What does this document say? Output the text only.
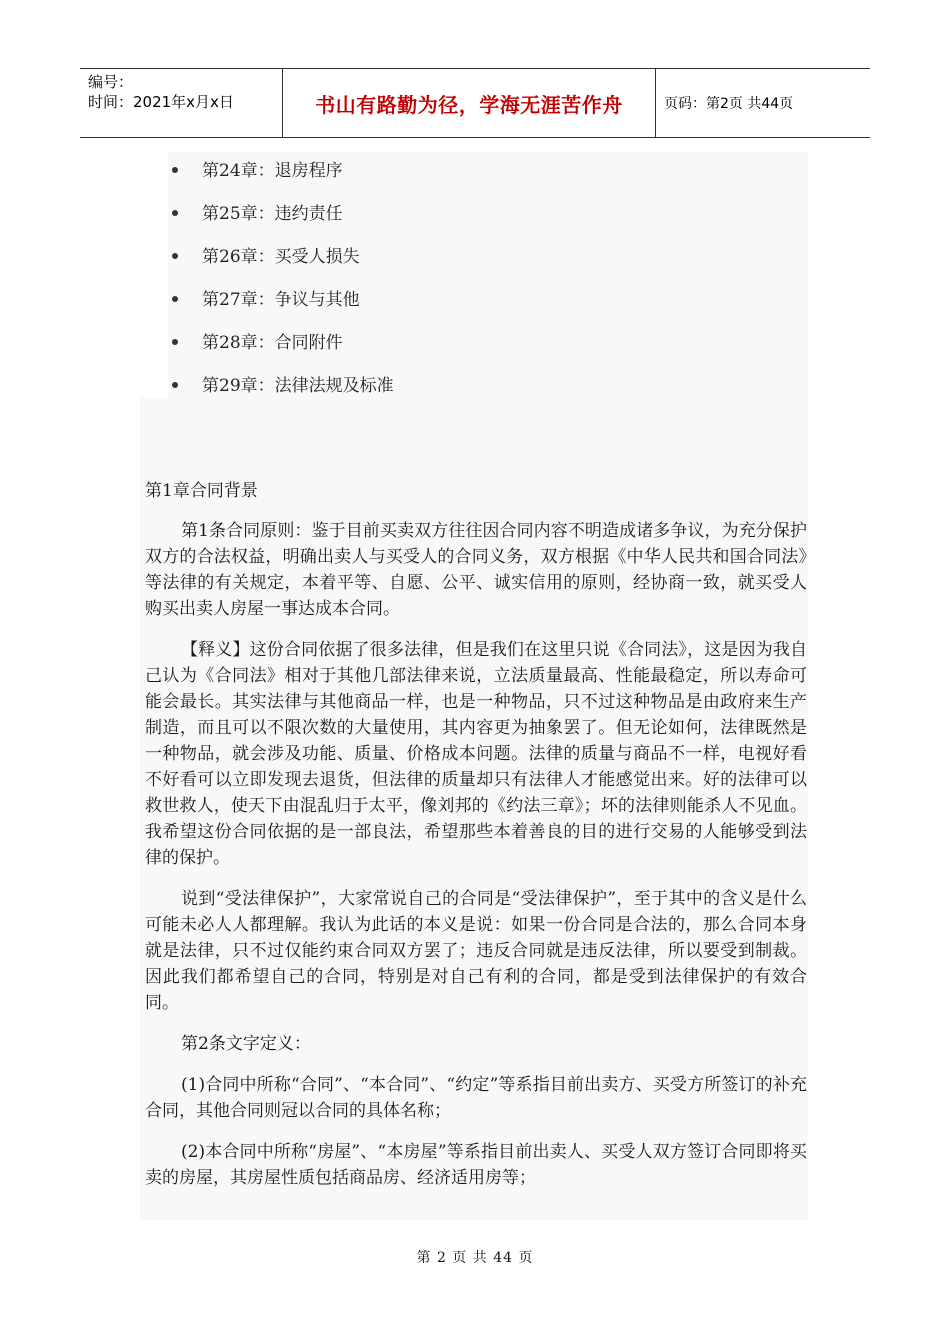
编号：
时间：2021年x月x日	书山有路勤为径，学海无涯苦作舟	页码：第2页 共44页
第24章：退房程序
第25章：违约责任
第26章：买受人损失
第27章：争议与其他
第28章：合同附件
第29章：法律法规及标准

第1章合同背景

第1条合同原则：鉴于目前买卖双方往往因合同内容不明造成诸多争议，为充分保护双方的合法权益，明确出卖人与买受人的合同义务，双方根据《中华人民共和国合同法》等法律的有关规定，本着平等、自愿、公平、诚实信用的原则，经协商一致，就买受人购买出卖人房屋一事达成本合同。

【释义】这份合同依据了很多法律，但是我们在这里只说《合同法》，这是因为我自己认为《合同法》相对于其他几部法律来说，立法质量最高、性能最稳定，所以寿命可能会最长。其实法律与其他商品一样，也是一种物品，只不过这种物品是由政府来生产制造，而且可以不限次数的大量使用，其内容更为抽象罢了。但无论如何，法律既然是一种物品，就会涉及功能、质量、价格成本问题。法律的质量与商品不一样，电视好看不好看可以立即发现去退货，但法律的质量却只有法律人才能感觉出来。好的法律可以救世救人，使天下由混乱归于太平，像刘邦的《约法三章》；坏的法律则能杀人不见血。我希望这份合同依据的是一部良法，希望那些本着善良的目的进行交易的人能够受到法律的保护。

说到“受法律保护”，大家常说自己的合同是“受法律保护”，至于其中的含义是什么可能未必人人都理解。我认为此话的本义是说：如果一份合同是合法的，那么合同本身就是法律，只不过仅能约束合同双方罢了；违反合同就是违反法律，所以要受到制裁。因此我们都希望自己的合同，特别是对自己有利的合同，都是受到法律保护的有效合同。

第2条文字定义：

(1)合同中所称“合同”、“本合同”、“约定”等系指目前出卖方、买受方所签订的补充合同，其他合同则冠以合同的具体名称；

(2)本合同中所称“房屋”、“本房屋”等系指目前出卖人、买受人双方签订合同即将买卖的房屋，其房屋性质包括商品房、经济适用房等；

第 2 页 共 44 页
